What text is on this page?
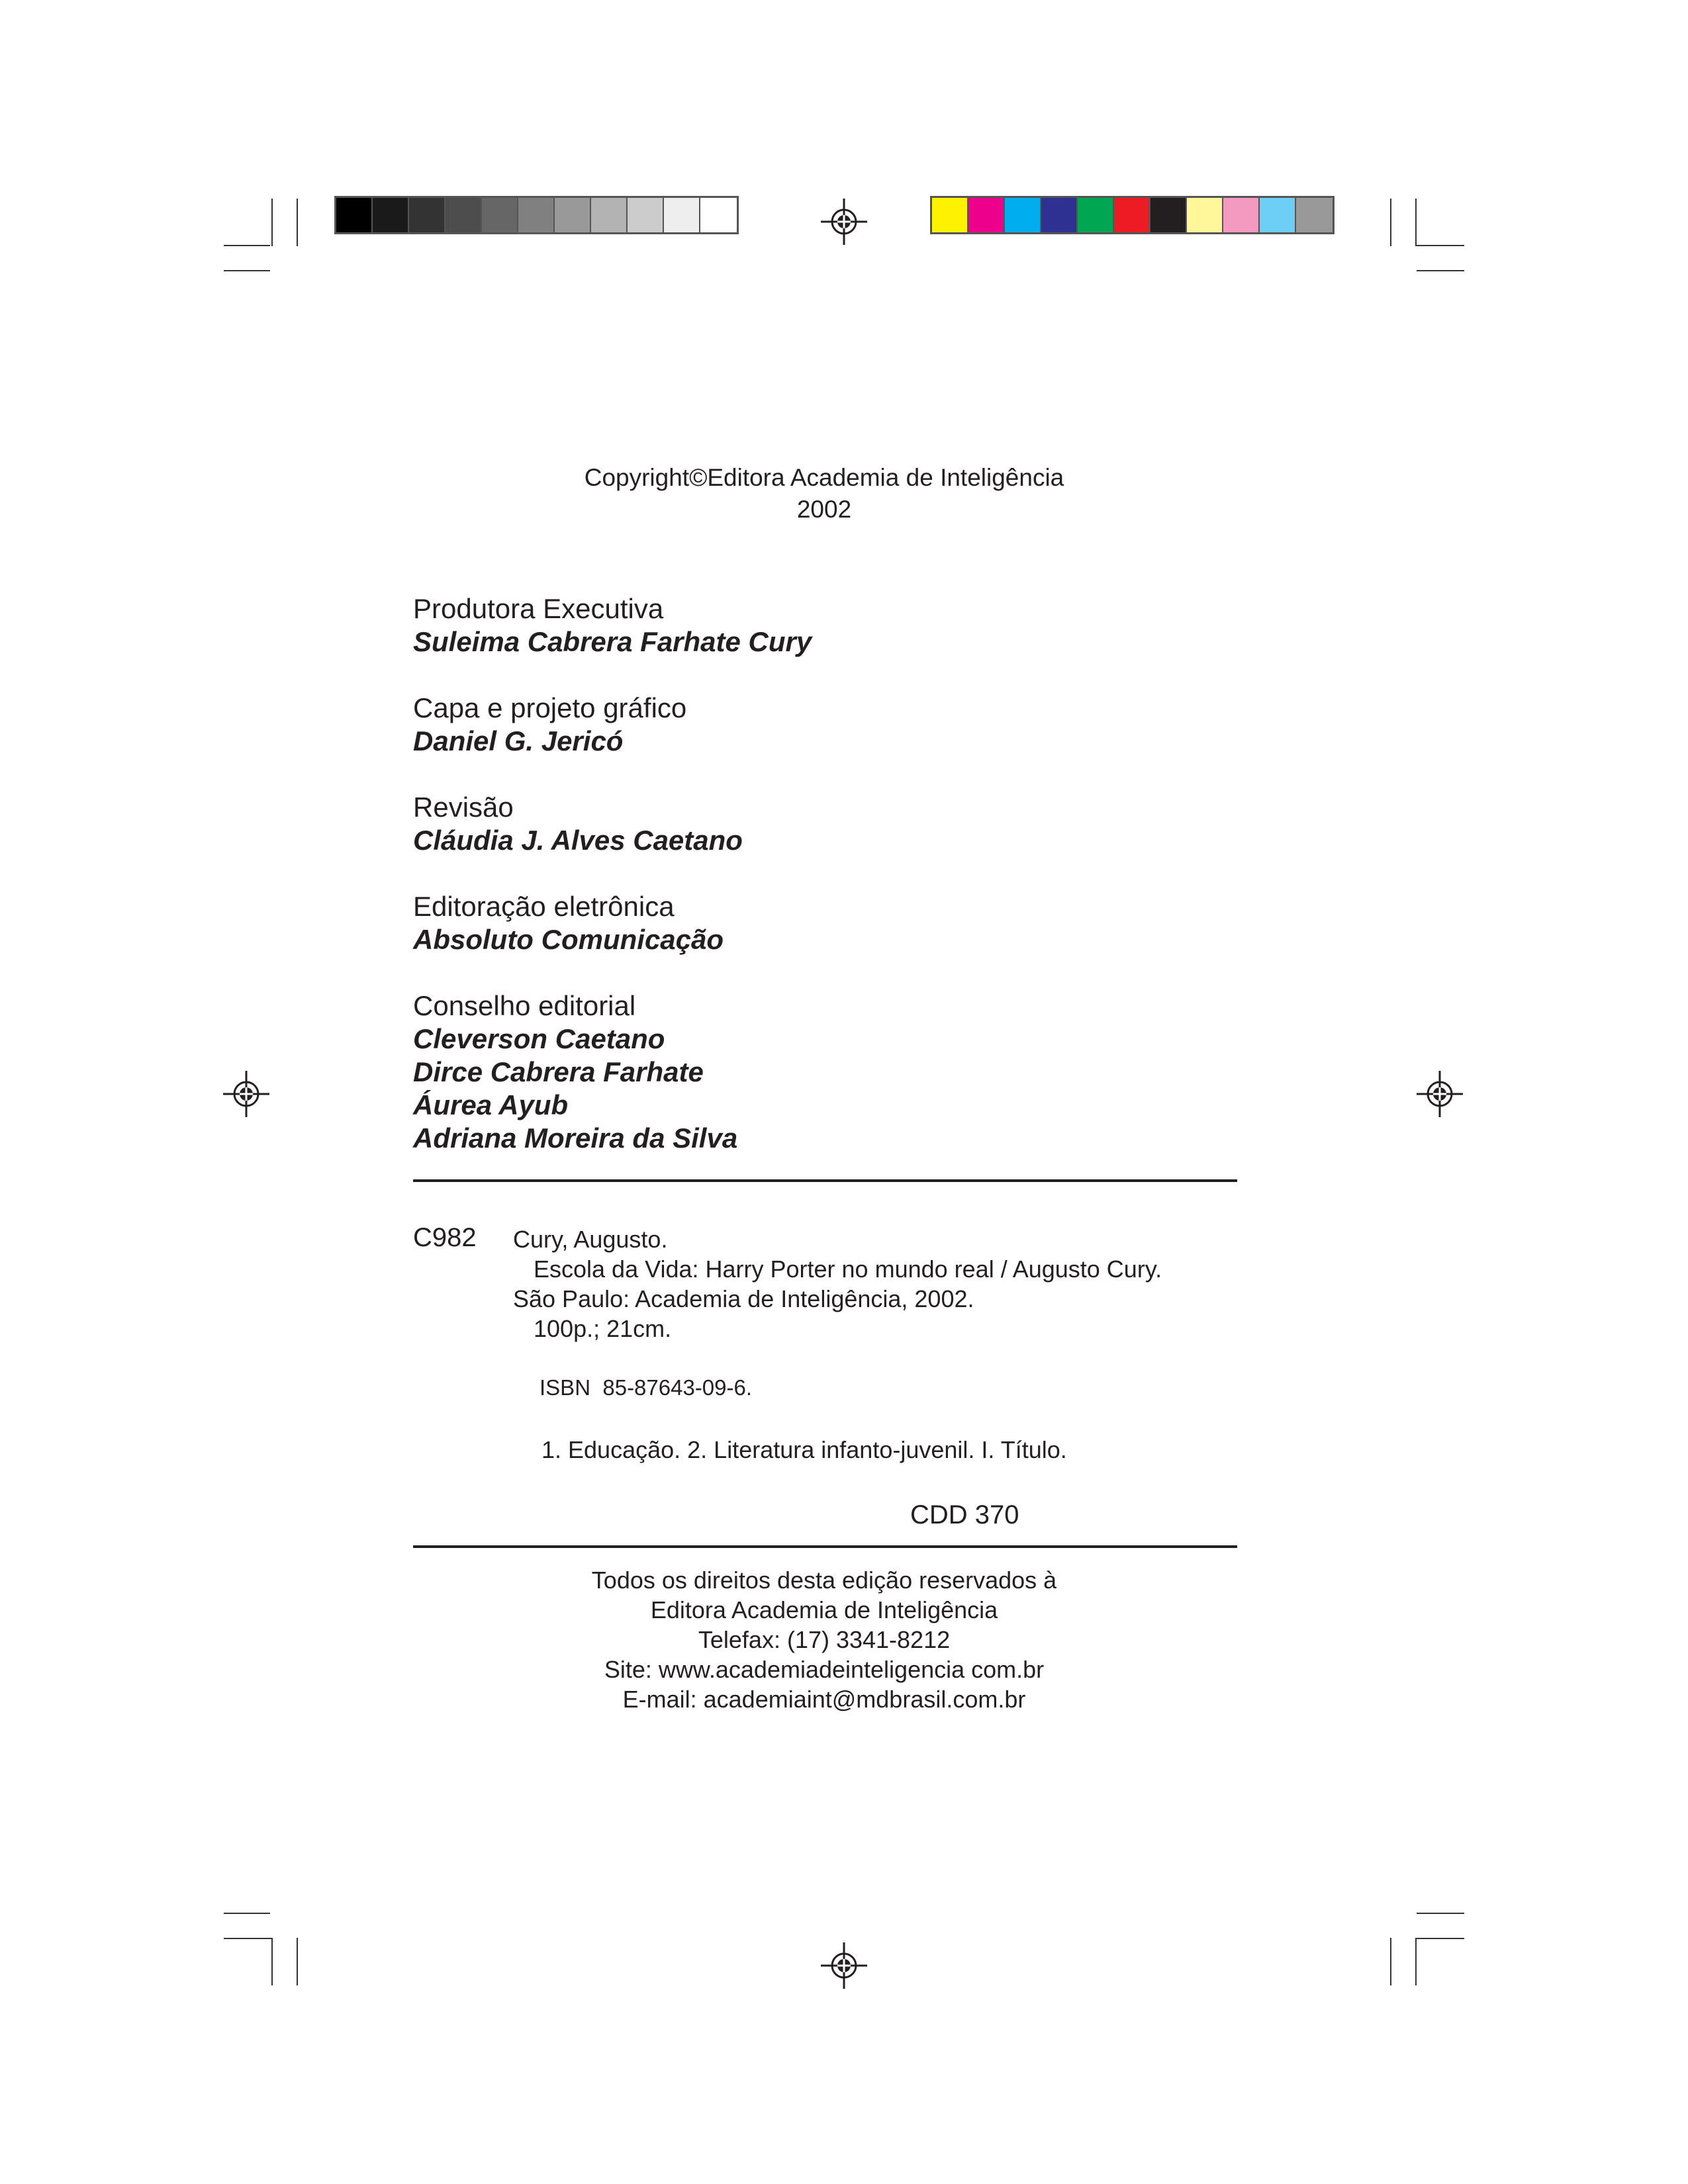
Copyright©Editora Academia de Inteligência
2002
Produtora Executiva
Suleima Cabrera Farhate Cury
Capa e projeto gráfico
Daniel G. Jericó
Revisão
Cláudia J. Alves Caetano
Editoração eletrônica
Absoluto Comunicação
Conselho editorial
Cleverson Caetano
Dirce Cabrera Farhate
Áurea Ayub
Adriana Moreira da Silva
C982 Cury, Augusto.
Escola da Vida: Harry Porter no mundo real / Augusto Cury.
São Paulo: Academia de Inteligência, 2002.
100p.; 21cm.
ISBN  85-87643-09-6.
1. Educação. 2. Literatura infanto-juvenil. I. Título.
CDD 370
Todos os direitos desta edição reservados à
Editora Academia de Inteligência
Telefax: (17) 3341-8212
Site: www.academiadeinteligencia com.br
E-mail: academiaint@mdbrasil.com.br
